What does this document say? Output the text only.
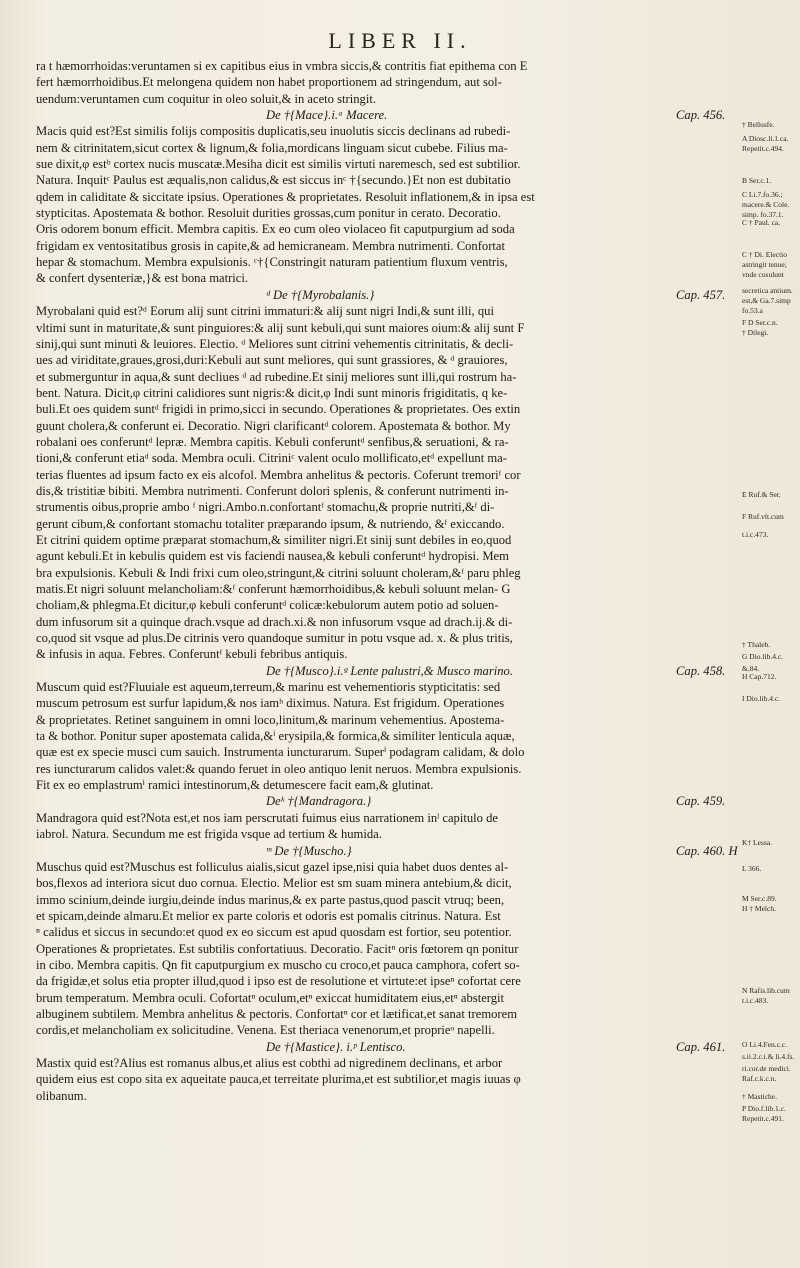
LIBER II.
ra t hæmorrhoidas:veruntamen si ex capitibus eius in vmbra siccis,& contritis fiat epithema con E
fert hæmorrhoidibus.Et melongena quidem non habet proportionem ad stringendum, aut sol-
uendum:veruntamen cum coquitur in oleo soluit,& in aceto stringit.
De †{Mace}.i.ᵃ Macere.	Cap. 456.
Macis quid est?Est similis folijs compositis duplicatis,seu inuolutis siccis declinans ad rubedi-
nem & citrinitatem,sicut cortex & lignum,& folia,mordicans linguam sicut cubebe. Filius ma-
sue dixit,φ estᵇ cortex nucis muscatæ.Mesiha dicit est similis virtuti naremesch, sed est subtilior.
Natura. Inquitᶜ Paulus est æqualis,non calidus,& est siccus inᶜ †{secundo.}Et non est dubitatio
qdem in caliditate & siccitate ipsius. Operationes & proprietates. Resoluit inflationem,& in ipsa est
stypticitas. Apostemata & bothor. Resoluit durities grossas,cum ponitur in cerato. Decoratio.
Oris odorem bonum efficit. Membra capitis. Ex eo cum oleo violaceo fit caputpurgium ad soda
frigidam ex ventositatibus grosis in capite,& ad hemicraneam. Membra nutrimenti. Confortat
hepar & stomachum. Membra expulsionis. ᶜ†{Constringit naturam patientium fluxum ventris,
& confert dysenteriæ,}& est bona matrici.
ᵈ De †{Myrobalanis.}	Cap. 457.
Myrobalani quid est?ᵈ Eorum alij sunt citrini immaturi:& alij sunt nigri Indi,& sunt illi, qui
vltimi sunt in maturitate,& sunt pinguiores:& alij sunt kebuli,qui sunt maiores oium:& alij sunt F
sinij,qui sunt minuti & leuiores. Electio. ᵈ Meliores sunt citrini vehementis citrinitatis, & decli-
ues ad viriditate,graues,grosi,duri:Kebuli aut sunt meliores, qui sunt grassiores, & ᵈ grauiores,
et submerguntur in aqua,& sunt decliues ᵈ ad rubedine.Et sinij meliores sunt illi,qui rostrum ha-
bent. Natura. Dicit,φ citrini calidiores sunt nigris:& dicit,φ Indi sunt minoris frigiditatis, q ke-
buli.Et oes quidem suntᵈ frigidi in primo,sicci in secundo. Operationes & proprietates. Oes extin
guunt cholera,& conferunt ei. Decoratio. Nigri clarificantᵈ colorem. Apostemata & bothor. My
robalani oes conferuntᵈ lepræ. Membra capitis. Kebuli conferuntᵈ senfibus,& seruationi, & ra-
tioni,& conferunt etiaᵈ soda. Membra oculi. Citriniᶜ valent oculo mollificato,etᵈ expellunt ma-
terias fluentes ad ipsum facto ex eis alcofol. Membra anhelitus & pectoris. Coferunt tremoriᶠ cor
dis,& tristitiæ bibiti. Membra nutrimenti. Conferunt dolori splenis, & conferunt nutrimenti in-
strumentis oibus,proprie ambo ᶠ nigri.Ambo.n.confortantᶠ stomachu,& proprie nutriti,&ᶠ di-
gerunt cibum,& confortant stomachu totaliter præparando ipsum, & nutriendo, &ᶠ exiccando.
Et citrini quidem optime præparat stomachum,& similiter nigri.Et sinij sunt debiles in eo,quod
agunt kebuli.Et in kebulis quidem est vis faciendi nausea,& kebuli conferuntᵈ hydropisi. Mem
bra expulsionis. Kebuli & Indi frixi cum oleo,stringunt,& citrini soluunt choleram,&ᶠ paru phleg
matis.Et nigri soluunt melancholiam:&ᶠ conferunt hæmorrhoidibus,& kebuli soluunt melan- G
choliam,& phlegma.Et dicitur,φ kebuli conferuntᵈ colicæ:kebulorum autem potio ad soluen-
dum infusorum sit a quinque drach.vsque ad drach.xi.& non infusorum vsque ad drach.ij.& di-
co,quod sit vsque ad plus.De citrinis vero quandoque sumitur in potu vsque ad. x. & plus tritis,
& infusis in aqua. Febres. Conferuntᶠ kebuli febribus antiquis.
De †{Musco}.i.ᵍ Lente palustri,& Musco marino.	Cap. 458.
Muscum quid est?Fluuiale est aqueum,terreum,& marinu est vehementioris stypticitatis: sed
muscum petrosum est surfur lapidum,& nos iamʰ diximus. Natura. Est frigidum. Operationes
& proprietates. Retinet sanguinem in omni loco,linitum,& marinum vehementius. Apostema-
ta & bothor. Ponitur super apostemata calida,&ⁱ erysipila,& formica,& similiter lenticula aquæ,
quæ est ex specie musci cum sauich. Instrumenta iuncturarum. Superⁱ podagram calidam, & dolo
res iuncturarum calidos valet:& quando feruet in oleo antiquo lenit neruos. Membra expulsionis.
Fit ex eo emplastrumⁱ ramici intestinorum,& detumescere facit eam,& glutinat.
Deᵏ †{Mandragora.}	Cap. 459.
Mandragora quid est?Nota est,et nos iam perscrutati fuimus eius narrationem inˡ capitulo de
iabrol. Natura. Secundum me est frigida vsque ad tertium & humida.
ᵐ De †{Muscho.}	Cap. 460. H
Muschus quid est?Muschus est folliculus aialis,sicut gazel ipse,nisi quia habet duos dentes al-
bos,flexos ad interiora sicut duo cornua. Electio. Melior est sm suam minera antebium,& dicit,
immo scinium,deinde iurgiu,deinde indus marinus,& ex parte pastus,quod pascit vtruq; been,
et spicam,deinde almaru.Et melior ex parte coloris et odoris est pomalis citrinus. Natura. Est
ⁿ calidus et siccus in secundo:et quod ex eo siccum est apud quosdam est fortior, seu potentior.
Operationes & proprietates. Est subtilis confortatiuus. Decoratio. Facitⁿ oris fœtorem qn ponitur
in cibo. Membra capitis. Qn fit caputpurgium ex muscho cu croco,et pauca camphora, cofert so-
da frigidæ,et solus etia propter illud,quod i ipso est de resolutione et virtute:et ipseⁿ cofortat cere
brum temperatum. Membra oculi. Cofortatⁿ oculum,etⁿ exiccat humiditatem eius,etⁿ abstergit
albuginem subtilem. Membra anhelitus & pectoris. Confortatⁿ cor et lætificat,et sanat tremorem
cordis,et melancholiam ex solicitudine. Venena. Est theriaca venenorum,et proprieᵒ napelli.
De †{Mastice}. i.ᵖ Lentisco.	Cap. 461.
Mastix quid est?Alius est romanus albus,et alius est cobthi ad nigredinem declinans, et arbor
quidem eius est copo sita ex aqueitate pauca,et terreitate plurima,et est subtilior,et magis iuuas φ
olibanum.
† Bellusfe.
A Diosc.li.1.ca. Repetit.c.494.
B Ser.c.1.
C Li.7.fo.36.; macere.& Cole. simp. fo.37.1.
C † Paul. ca.
C † Di. Electio astringit tenue; vnde cosulunt
secretica antium. est,& Ga.7.simp fo.53.a
F D Ser.c.n.
† Dilegi.
E Ruf.& Ser.
F Ruf.vlt.cum
t.i.c.473.
† Thaleb.
G Dio.lib.4.c.
&.84.
H Cap.712.
I Dio.lib.4.c.
K† Lessa.
L 366.
M Ser.c.89.
H † Melch.
N Rafis.lib.cum
t.i.c.483.
O Li.4.Fen.c.c.
s.ii.2.c.i.& li.4.fs.
ri.cor.de medici.
Raf.c.k.c.n.
† Mastiche.
P Dio.f.lib.1.c.
Repetit.c.491.
